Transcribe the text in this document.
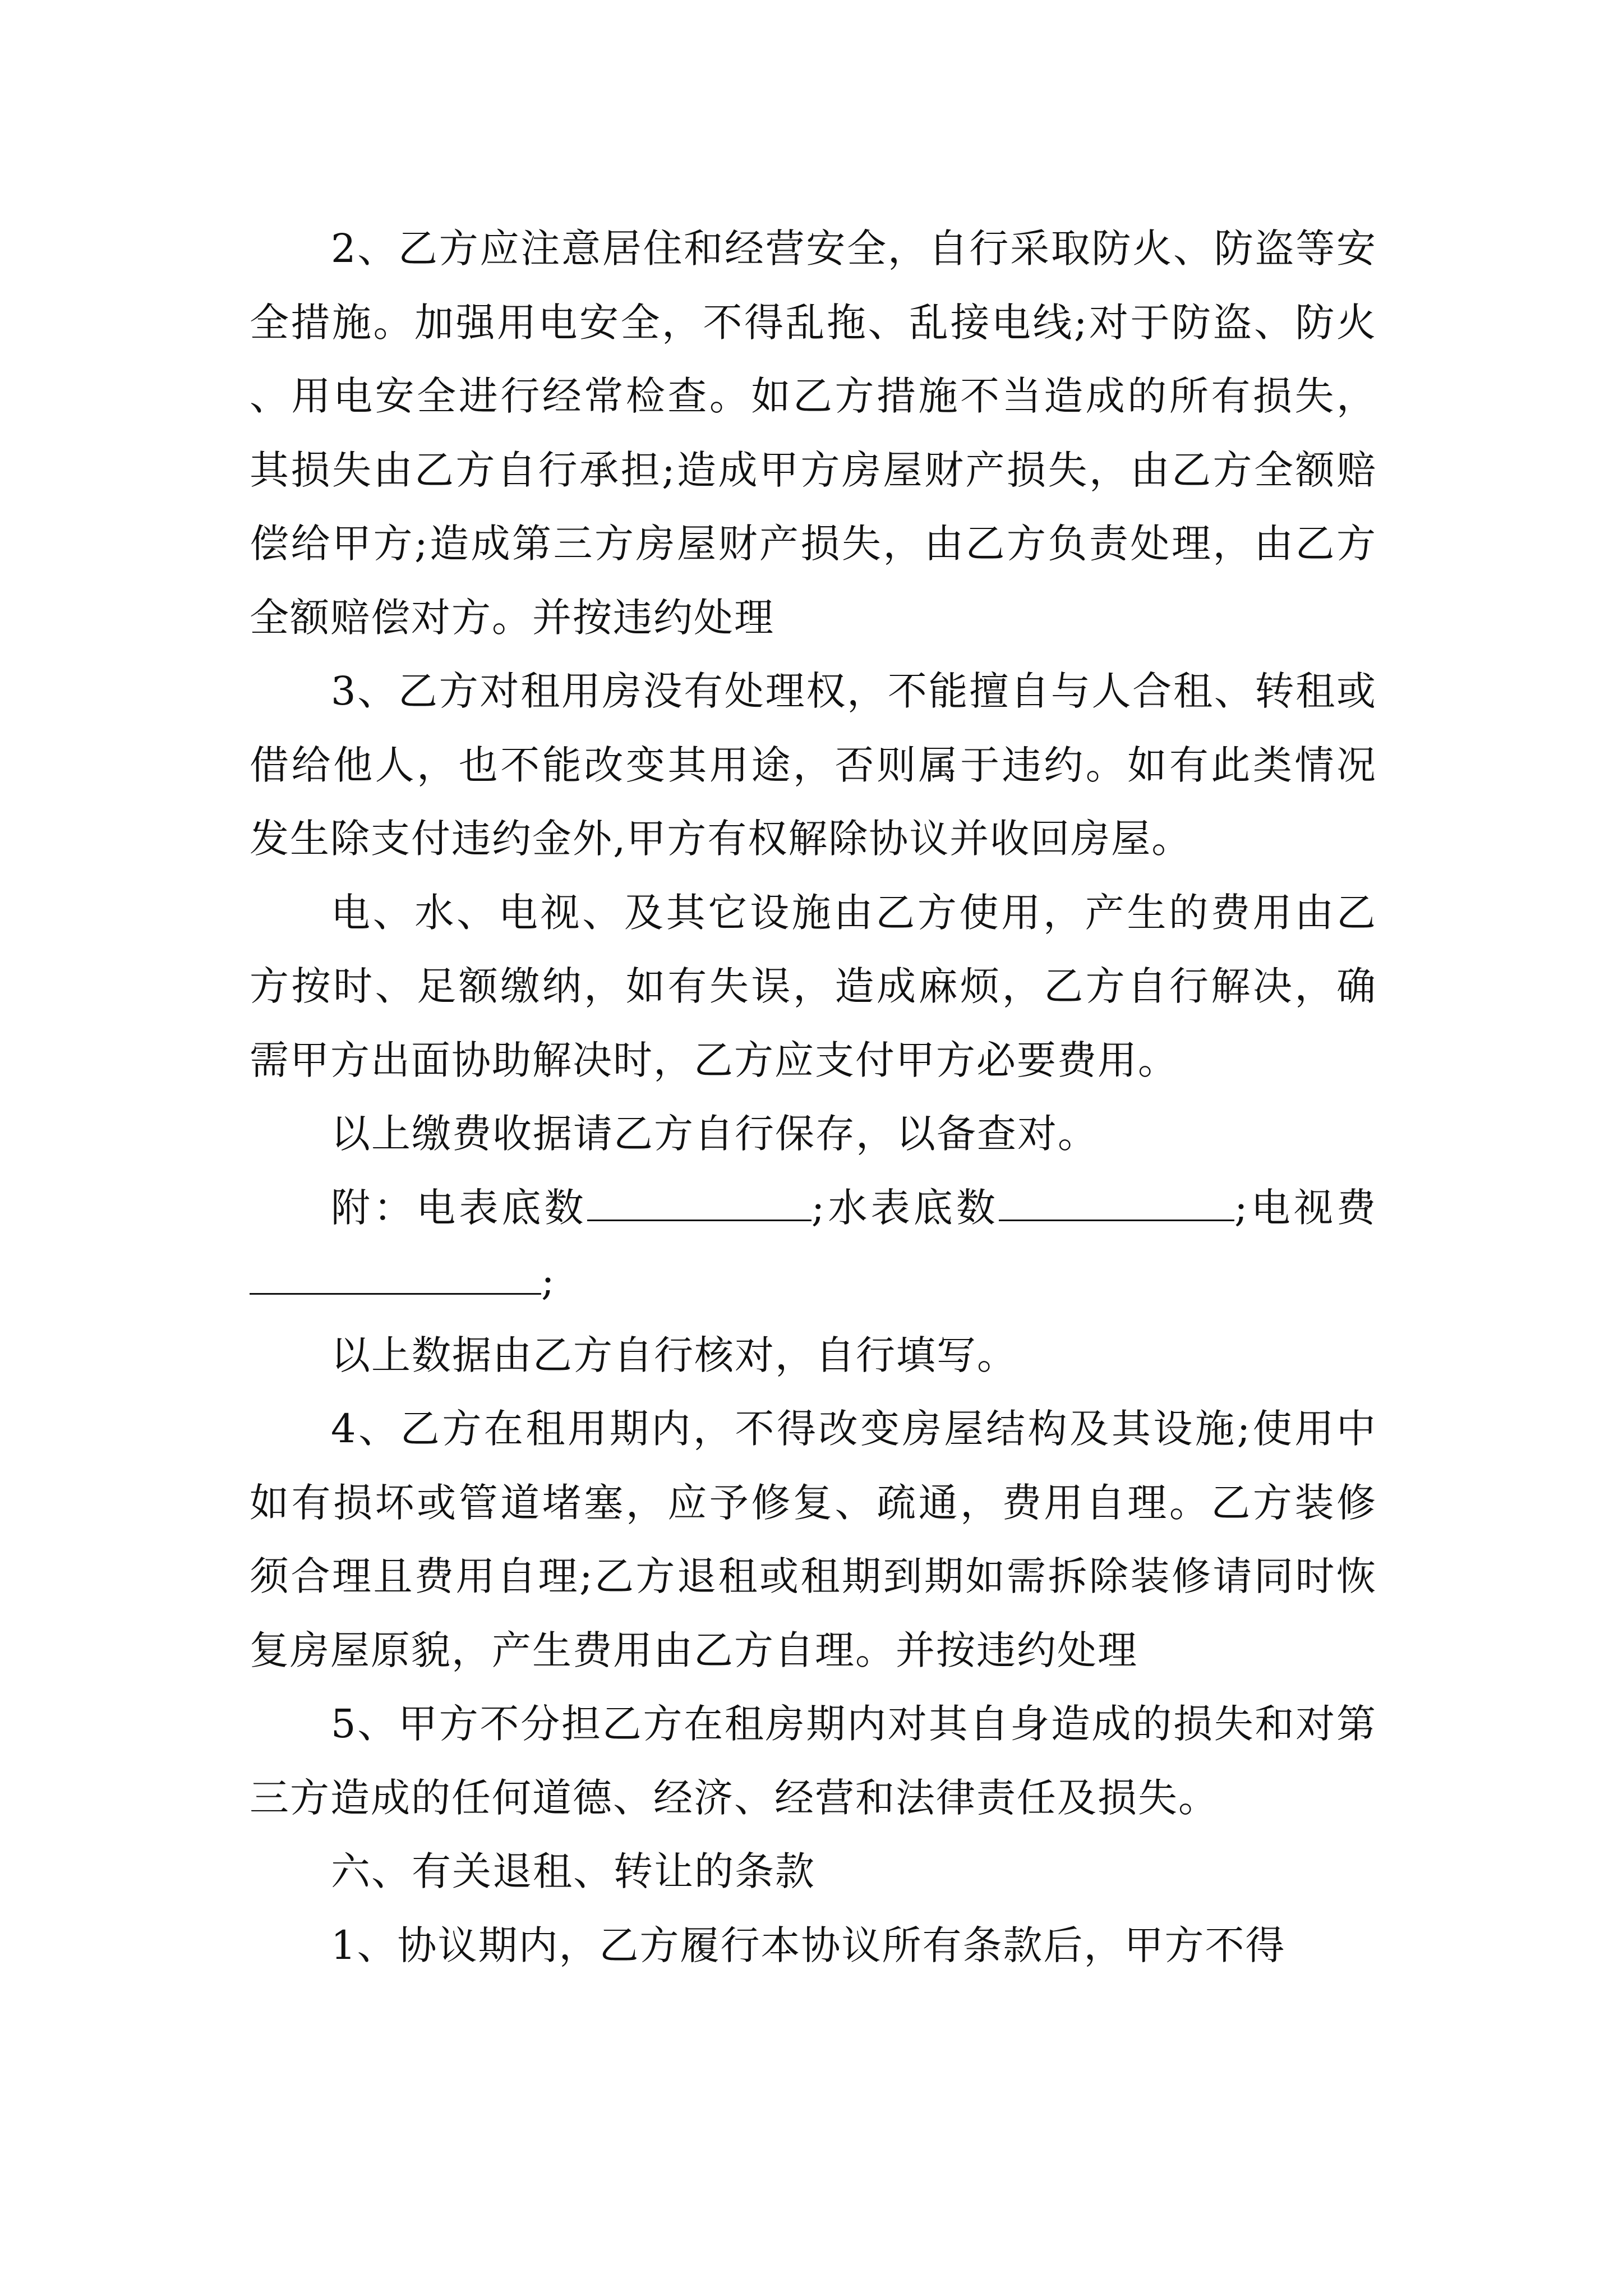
2、乙方应注意居住和经营安全，自行采取防火、防盗等安全措施。加强用电安全，不得乱拖、乱接电线;对于防盗、防火、用电安全进行经常检查。如乙方措施不当造成的所有损失，其损失由乙方自行承担;造成甲方房屋财产损失，由乙方全额赔偿给甲方;造成第三方房屋财产损失，由乙方负责处理，由乙方全额赔偿对方。并按违约处理

3、乙方对租用房没有处理权，不能擅自与人合租、转租或借给他人，也不能改变其用途，否则属于违约。如有此类情况发生除支付违约金外,甲方有权解除协议并收回房屋。

电、水、电视、及其它设施由乙方使用，产生的费用由乙方按时、足额缴纳，如有失误，造成麻烦，乙方自行解决，确需甲方出面协助解决时，乙方应支付甲方必要费用。

以上缴费收据请乙方自行保存，以备查对。

附：电表底数	;水表底数	;电视费;

以上数据由乙方自行核对，自行填写。

4、乙方在租用期内，不得改变房屋结构及其设施;使用中如有损坏或管道堵塞，应予修复、疏通，费用自理。乙方装修须合理且费用自理;乙方退租或租期到期如需拆除装修请同时恢复房屋原貌，产生费用由乙方自理。并按违约处理

5、甲方不分担乙方在租房期内对其自身造成的损失和对第三方造成的任何道德、经济、经营和法律责任及损失。

六、有关退租、转让的条款

1、协议期内，乙方履行本协议所有条款后，甲方不得
